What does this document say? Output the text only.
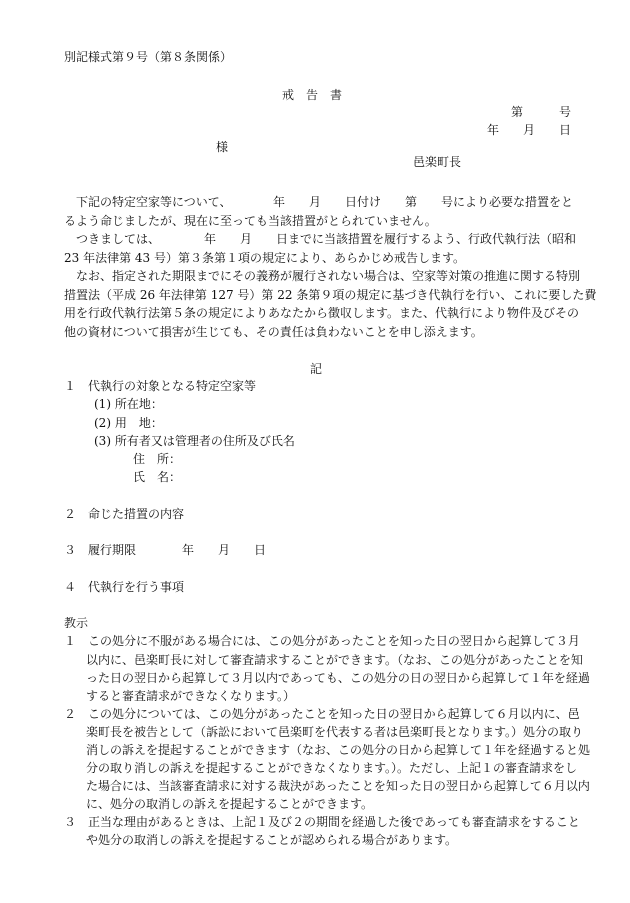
別記様式第９号（第８条関係）
戒　告　書
第　　　号
年　　月　　日
様
邑楽町長
下記の特定空家等について、	年　　月　　日付け　　第　　号により必要な措置をと
るよう命じましたが、現在に至っても当該措置がとられていません。
つきましては、	年　　月　　日までに当該措置を履行するよう、行政代執行法（昭和
23 年法律第 43 号）第３条第１項の規定により、あらかじめ戒告します。
なお、指定された期限までにその義務が履行されない場合は、空家等対策の推進に関する特別
措置法（平成 26 年法律第 127 号）第 22 条第９項の規定に基づき代執行を行い、これに要した費
用を行政代執行法第５条の規定によりあなたから徴収します。また、代執行により物件及びその
他の資材について損害が生じても、その責任は負わないことを申し添えます。
記
１　代執行の対象となる特定空家等
(1) 所在地：
(2) 用　地：
(3) 所有者又は管理者の住所及び氏名
住　所：
氏　名：
２　命じた措置の内容
３　履行期限	年　　月　　日
４　代執行を行う事項
教示
１　この処分に不服がある場合には、この処分があったことを知った日の翌日から起算して３月
以内に、邑楽町長に対して審査請求することができます。（なお、この処分があったことを知
った日の翌日から起算して３月以内であっても、この処分の日の翌日から起算して１年を経過
すると審査請求ができなくなります。）
２　この処分については、この処分があったことを知った日の翌日から起算して６月以内に、邑
楽町長を被告として（訴訟において邑楽町を代表する者は邑楽町長となります。）処分の取り
消しの訴えを提起することができます（なお、この処分の日から起算して１年を経過すると処
分の取り消しの訴えを提起することができなくなります。）。ただし、上記１の審査請求をし
た場合には、当該審査請求に対する裁決があったことを知った日の翌日から起算して６月以内
に、処分の取消しの訴えを提起することができます。
３　正当な理由があるときは、上記１及び２の期間を経過した後であっても審査請求をすること
や処分の取消しの訴えを提起することが認められる場合があります。
